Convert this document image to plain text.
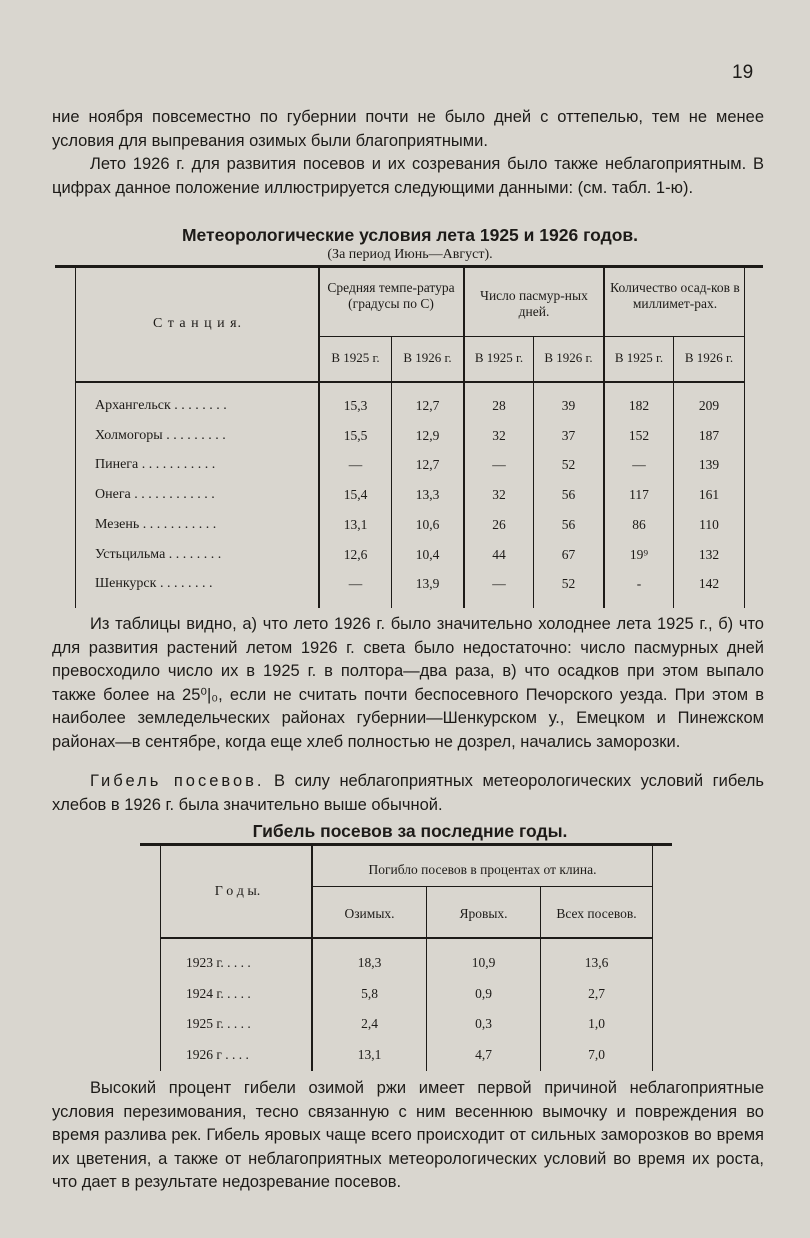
19

ние ноября повсеместно по губернии почти не было дней с оттепелью, тем не менее условия для выпревания озимых были благоприятными.

Лето 1926 г. для развития посевов и их созревания было также неблагоприятным. В цифрах данное положение иллюстрируется следующими данными: (см. табл. 1-ю).

Метеорологические условия лета 1925 и 1926 годов.
(За период Июнь—Август).
С т а н ц и я.
Средняя темпе-ратура (градусы по С)
Число пасмур-ных дней.
Количество осад-ков в миллимет-рах.
В 1925 г.	В 1926 г.	В 1925 г.	В 1926 г.	В 1925 г.	В 1926 г.
Архангельск . . . . . . . .	15,3	12,7	28	39	182	209
Холмогоры . . . . . . . . .	15,5	12,9	32	37	152	187
Пинега . . . . . . . . . . .	—	12,7	—	52	—	139
Онега . . . . . . . . . . . .	15,4	13,3	32	56	117	161
Мезень . . . . . . . . . . .	13,1	10,6	26	56	86	110
Устьцильма . . . . . . . .	12,6	10,4	44	67	19⁹	132
Шенкурск . . . . . . . .	—	13,9	—	52	-	142

Из таблицы видно, а) что лето 1926 г. было значительно холоднее лета 1925 г., б) что для развития растений летом 1926 г. света было недостаточно: число пасмурных дней превосходило число их в 1925 г. в полтора—два раза, в) что осадков при этом выпало также более на 25⁰|₀, если не считать почти беспосевного Печорского уезда. При этом в наиболее земледельческих районах губернии—Шенкурском у., Емецком и Пинежском районах—в сентябре, когда еще хлеб полностью не дозрел, начались заморозки.

Гибель посевов. В силу неблагоприятных метеорологических условий гибель хлебов в 1926 г. была значительно выше обычной.

Гибель посевов за последние годы.
Г о д ы.
Погибло посевов в процентах от клина.
Озимых.	Яровых.	Всех посевов.
1923 г. . . . .	18,3	10,9	13,6
1924 г. . . . .	5,8	0,9	2,7
1925 г. . . . .	2,4	0,3	1,0
1926 г . . . .	13,1	4,7	7,0

Высокий процент гибели озимой ржи имеет первой причиной неблагоприятные условия перезимования, тесно связанную с ним весеннюю вымочку и повреждения во время разлива рек. Гибель яровых чаще всего происходит от сильных заморозков во время их цветения, а также от неблагоприятных метеорологических условий во время их роста, что дает в результате недозревание посевов.
